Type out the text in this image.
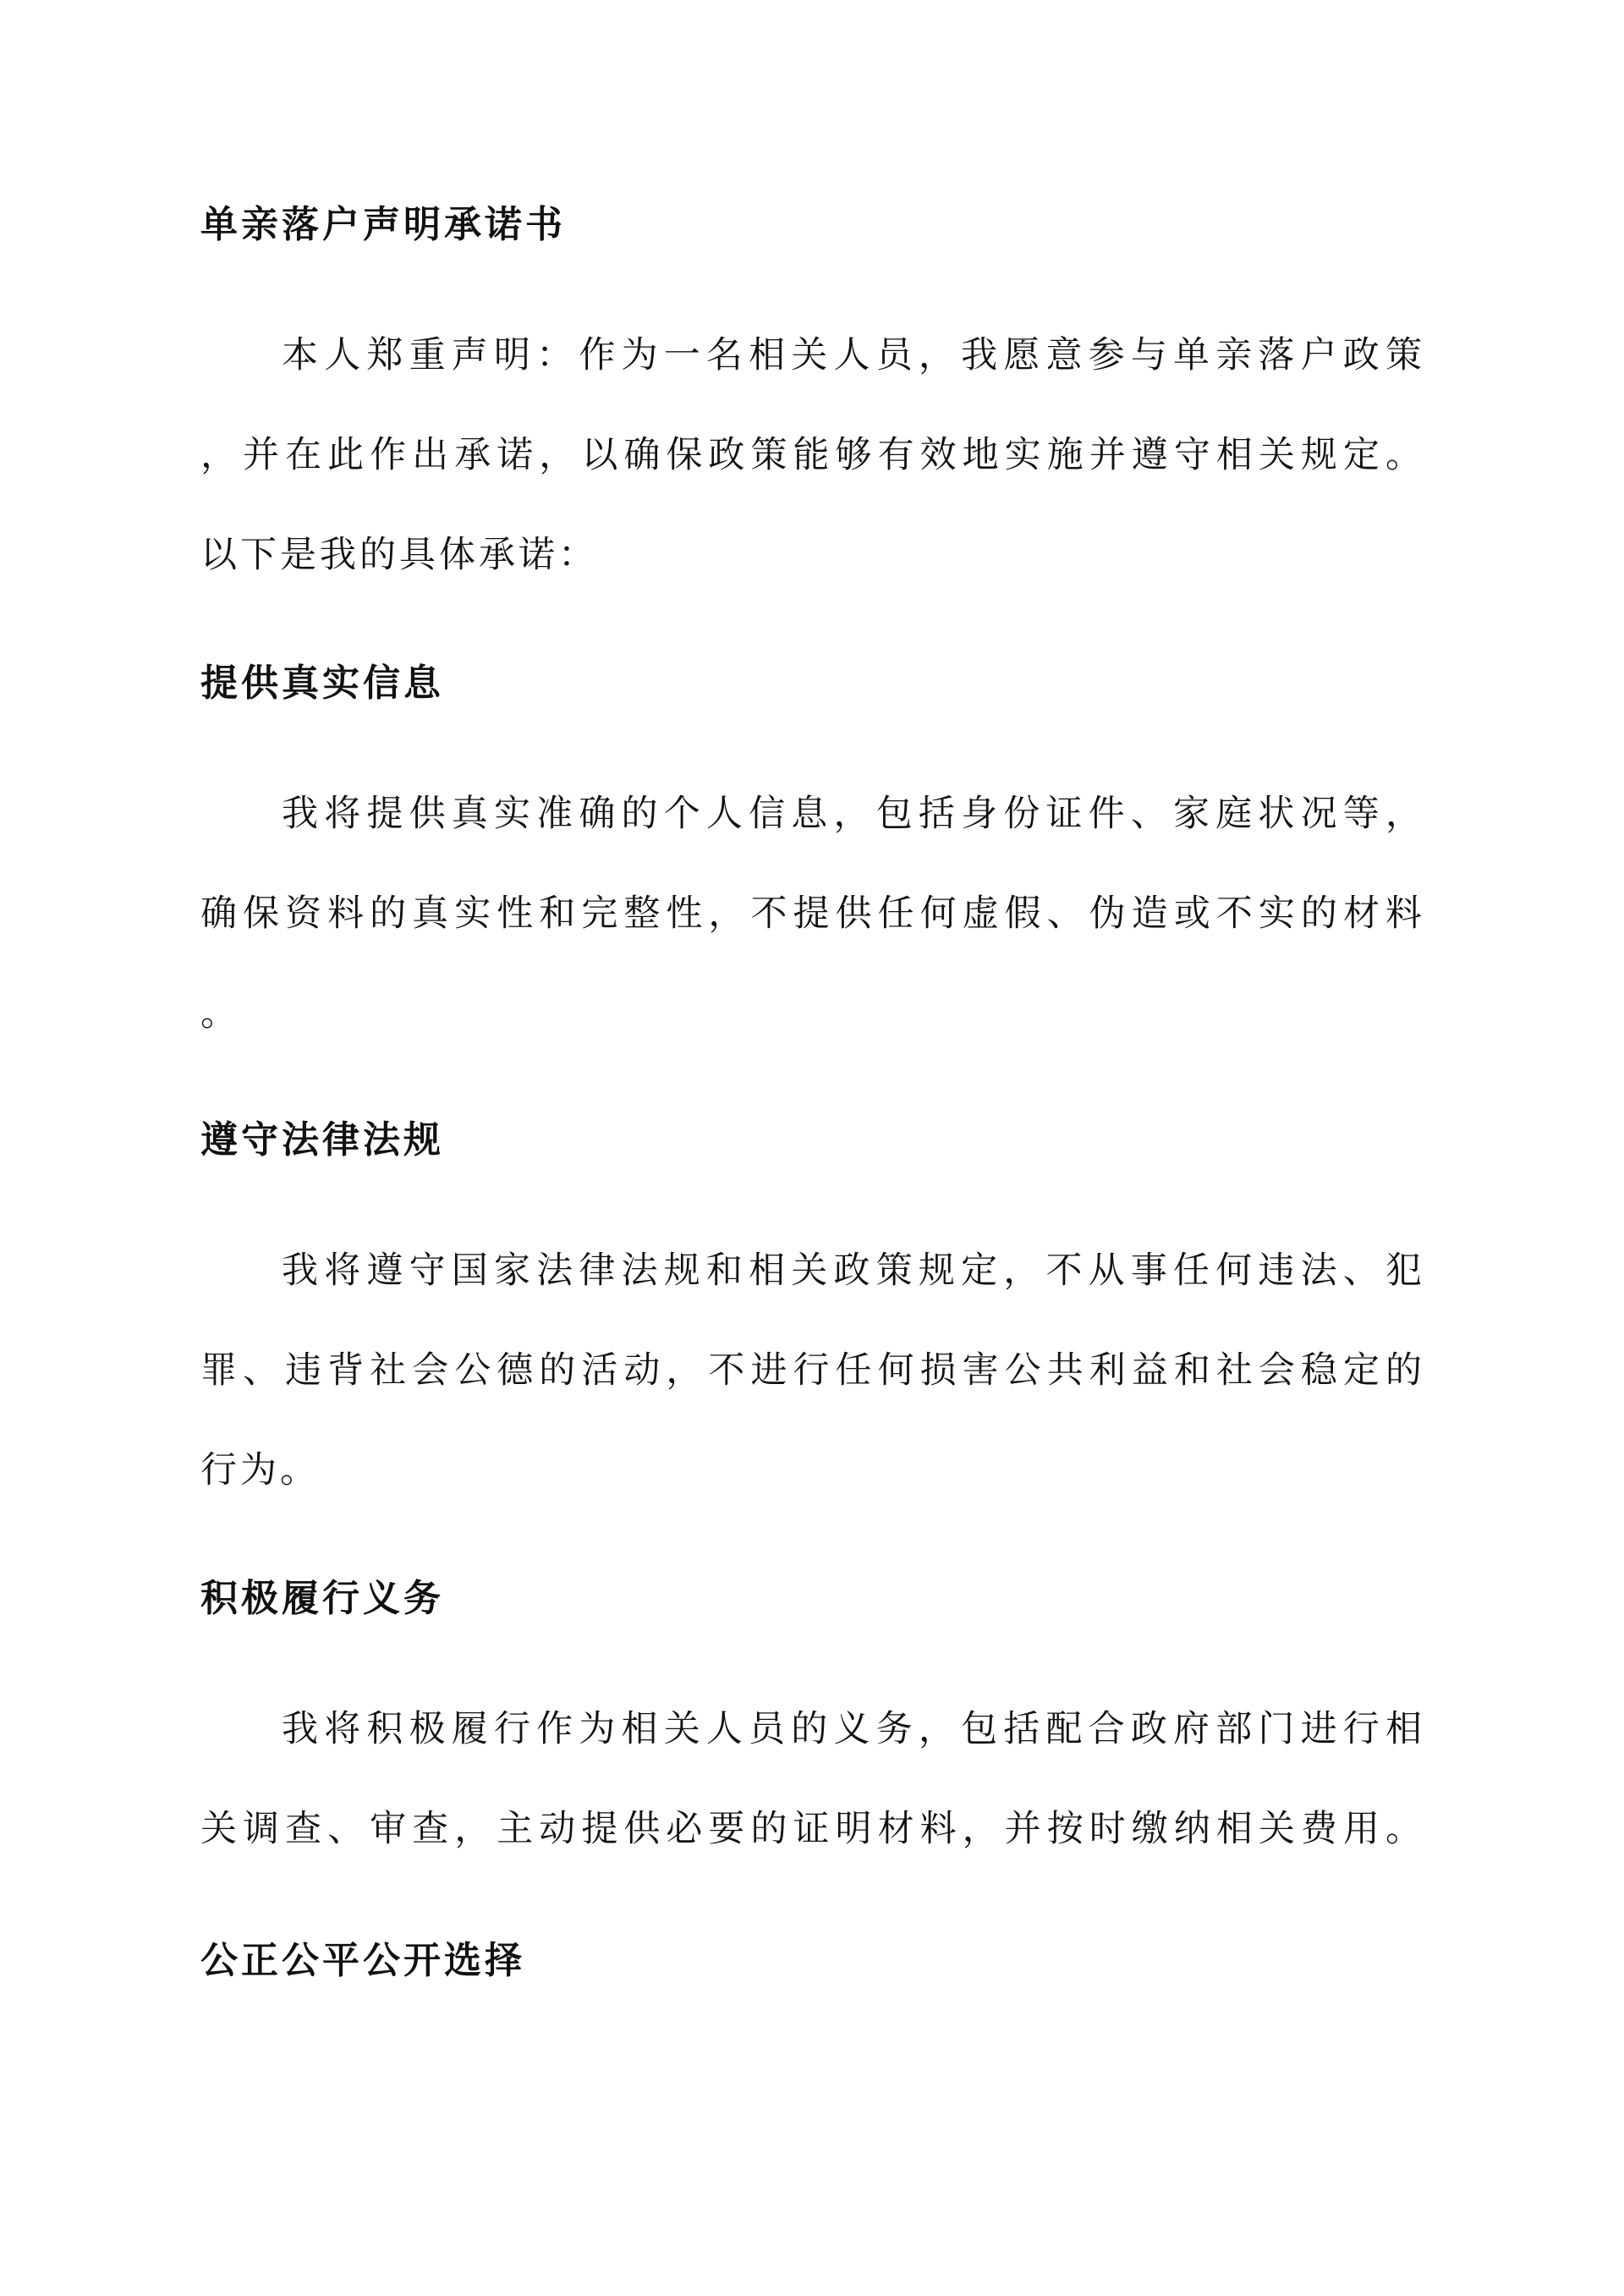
单亲落户声明承诺书

本人郑重声明：作为一名相关人员，我愿意参与单亲落户政策

，并在此作出承诺，以确保政策能够有效地实施并遵守相关规定。

以下是我的具体承诺：

提供真实信息

我将提供真实准确的个人信息，包括身份证件、家庭状况等，

确保资料的真实性和完整性，不提供任何虚假、伪造或不实的材料

。

遵守法律法规

我将遵守国家法律法规和相关政策规定，不从事任何违法、犯

罪、违背社会公德的活动，不进行任何损害公共利益和社会稳定的

行为。

积极履行义务

我将积极履行作为相关人员的义务，包括配合政府部门进行相

关调查、审查，主动提供必要的证明材料，并按时缴纳相关费用。

公正公平公开选择
